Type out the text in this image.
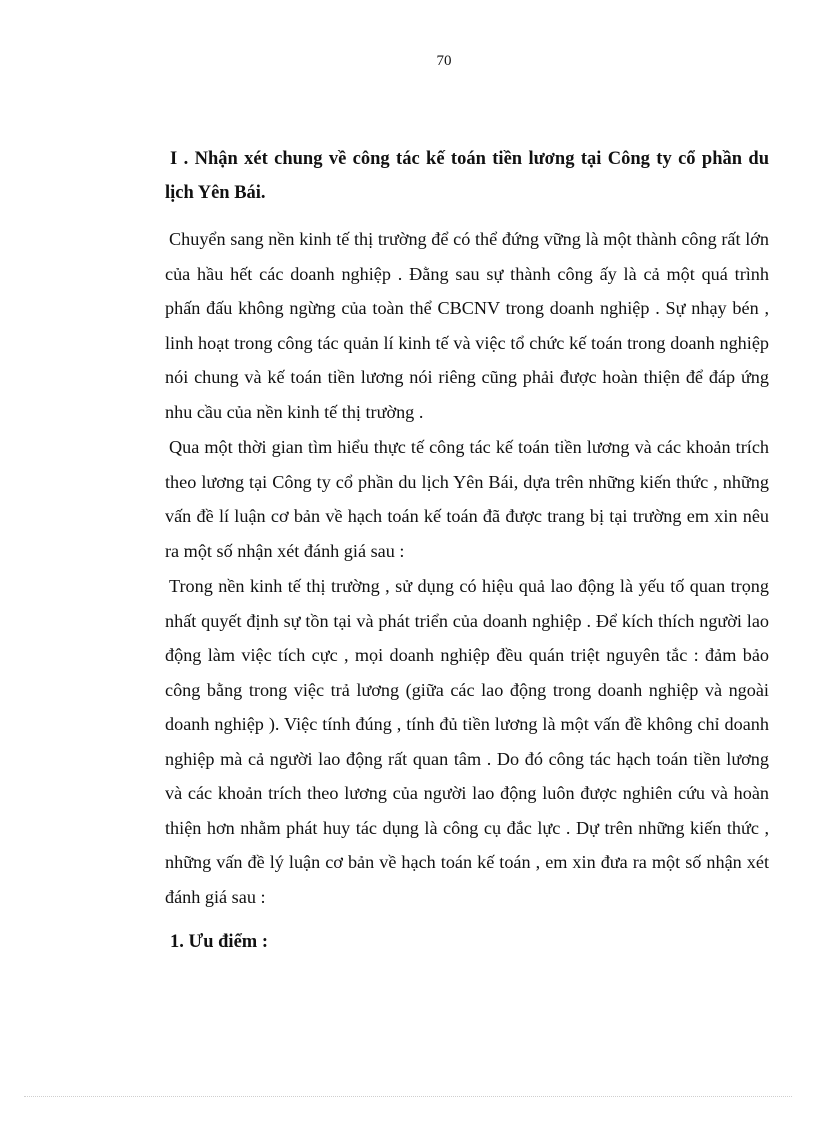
70
I . Nhận xét chung về công tác kế toán tiền lương tại Công ty cổ phần du lịch Yên Bái.

Chuyển sang nền kinh tế thị trường để có thể đứng vững là một thành công rất lớn của hầu hết các doanh nghiệp . Đằng sau sự thành công ấy là cả một quá trình phấn đấu không ngừng của toàn thể CBCNV trong doanh nghiệp . Sự nhạy bén , linh hoạt trong công tác quản lí kinh tế và việc tổ chức kế toán trong doanh nghiệp nói chung và kế toán tiền lương nói riêng cũng phải được hoàn thiện để đáp ứng nhu cầu của nền kinh tế thị trường .

Qua một thời gian tìm hiểu thực tế công tác kế toán tiền lương và các khoản trích theo lương tại Công ty cổ phần du lịch Yên Bái, dựa trên những kiến thức , những vấn đề lí luận cơ bản về hạch toán kế toán đã được trang bị tại trường em xin nêu ra một số nhận xét đánh giá sau :

Trong nền kinh tế thị trường , sử dụng có hiệu quả lao động là yếu tố quan trọng nhất quyết định sự tồn tại và phát triển của doanh nghiệp . Để kích thích người lao động làm việc tích cực , mọi doanh nghiệp đều quán triệt nguyên tắc : đảm bảo công bằng trong việc trả lương (giữa các lao động trong doanh nghiệp và ngoài doanh nghiệp ). Việc tính đúng , tính đủ tiền lương là một vấn đề không chỉ doanh nghiệp mà cả người lao động rất quan tâm . Do đó công tác hạch toán tiền lương và các khoản trích theo lương của người lao động luôn được nghiên cứu và hoàn thiện hơn nhằm phát huy tác dụng là công cụ đắc lực . Dự trên những kiến thức , những vấn đề lý luận cơ bản về hạch toán kế toán , em xin đưa ra một số nhận xét đánh giá sau :

1. Ưu điểm :
